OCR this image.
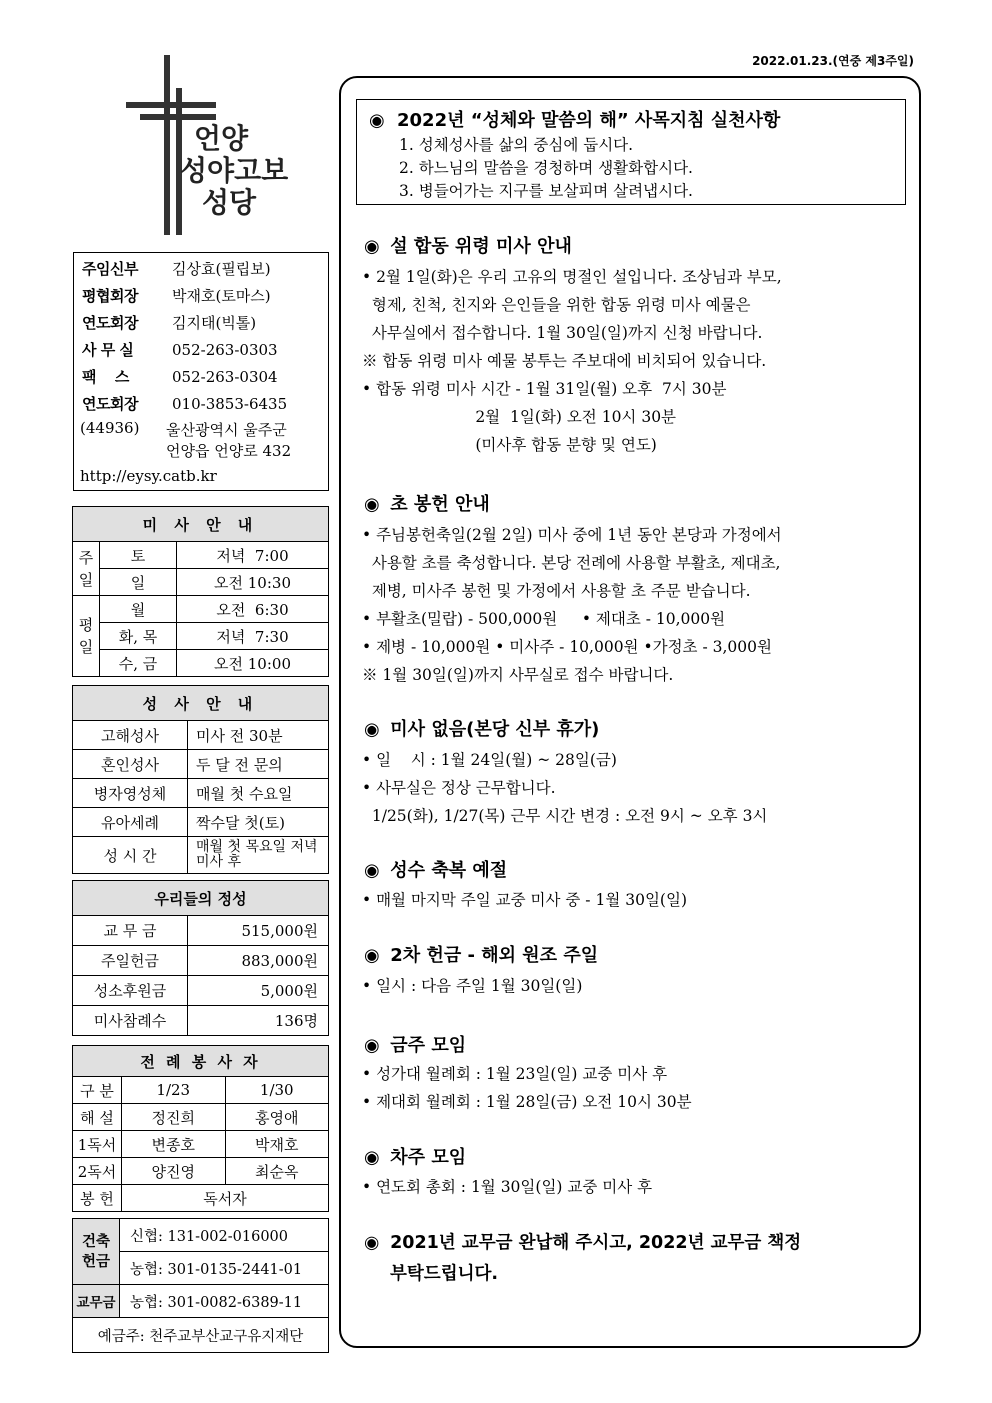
2022.01.23.(연중 제3주일)
언양
성야고보
성당
주임신부	김상효(필립보)
평협회장	박재호(토마스)
연도회장	김지태(빅톨)
사 무 실	052-263-0303
팩    스	052-263-0304
연도회장	010-3853-6435
(44936)	울산광역시 울주군
언양읍 언양로 432
http://eysy.catb.kr
미 사 안 내		
주
일	토	저녁  7:00
	일	오전 10:30
평
일	월	오전  6:30
	화, 목	저녁  7:30
	수, 금	오전 10:00
성 사 안 내	
고해성사	미사 전 30분
혼인성사	두 달 전 문의
병자영성체	매월 첫 수요일
유아세례	짝수달 첫(토)
성 시 간	매월 첫 목요일 저녁미사 후
우리들의 정성	
교 무 금	515,000원
주일헌금	883,000원
성소후원금	5,000원
미사참례수	136명
전 례 봉 사 자		
구 분	1/23	1/30
해 설	정진희	홍영애
1독서	변종호	박재호
2독서	양진영	최순옥
봉 헌	독서자	
건축
헌금	신협: 131-002-016000
	농협: 301-0135-2441-01
교무금	농협: 301-0082-6389-11
예금주: 천주교부산교구유지재단	
◉ 2022년 “성체와 말씀의 해” 사목지침 실천사항
1. 성체성사를 삶의 중심에 둡시다.
2. 하느님의 말씀을 경청하며 생활화합시다.
3. 병들어가는 지구를 보살피며 살려냅시다.
◉ 설 합동 위령 미사 안내
• 2월 1일(화)은 우리 고유의 명절인 설입니다. 조상님과 부모,
형제, 친척, 친지와 은인들을 위한 합동 위령 미사 예물은
사무실에서 접수합니다. 1월 30일(일)까지 신청 바랍니다.
※ 합동 위령 미사 예물 봉투는 주보대에 비치되어 있습니다.
• 합동 위령 미사 시간 - 1월 31일(월) 오후  7시 30분
2월  1일(화) 오전 10시 30분
(미사후 합동 분향 및 연도)
◉ 초 봉헌 안내
• 주님봉헌축일(2월 2일) 미사 중에 1년 동안 본당과 가정에서
사용할 초를 축성합니다. 본당 전례에 사용할 부활초, 제대초,
제병, 미사주 봉헌 및 가정에서 사용할 초 주문 받습니다.
• 부활초(밀랍) - 500,000원     • 제대초 - 10,000원
• 제병 - 10,000원 • 미사주 - 10,000원 •가정초 - 3,000원
※ 1월 30일(일)까지 사무실로 접수 바랍니다.
◉ 미사 없음(본당 신부 휴가)
• 일    시 : 1월 24일(월) ~ 28일(금)
• 사무실은 정상 근무합니다.
1/25(화), 1/27(목) 근무 시간 변경 : 오전 9시 ~ 오후 3시
◉ 성수 축복 예절
• 매월 마지막 주일 교중 미사 중 - 1월 30일(일)
◉ 2차 헌금 - 해외 원조 주일
• 일시 : 다음 주일 1월 30일(일)
◉ 금주 모임
• 성가대 월례회 : 1월 23일(일) 교중 미사 후
• 제대회 월례회 : 1월 28일(금) 오전 10시 30분
◉ 차주 모임
• 연도회 총회 : 1월 30일(일) 교중 미사 후
◉ 2021년 교무금 완납해 주시고, 2022년 교무금 책정
부탁드립니다.
